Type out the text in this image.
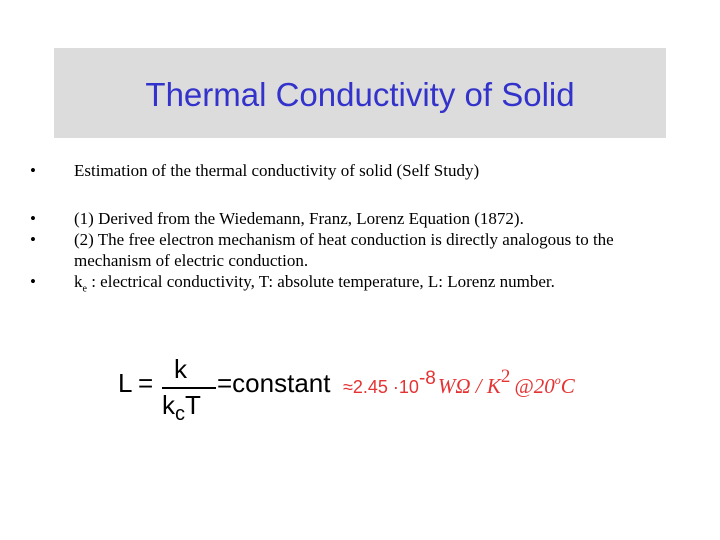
Thermal Conductivity of Solid
• Estimation of the thermal conductivity of solid (Self Study)
• (1) Derived from the Wiedemann, Franz, Lorenz Equation (1872).
• (2) The free electron mechanism of heat conduction is directly analogous to the mechanism of electric conduction.
• $k_e$ : electrical conductivity, T: absolute temperature, L: Lorenz number.
L = k
$k_cT$
=constant ≈2.45 ·10-8WΩ / K2 @20$^o$C
